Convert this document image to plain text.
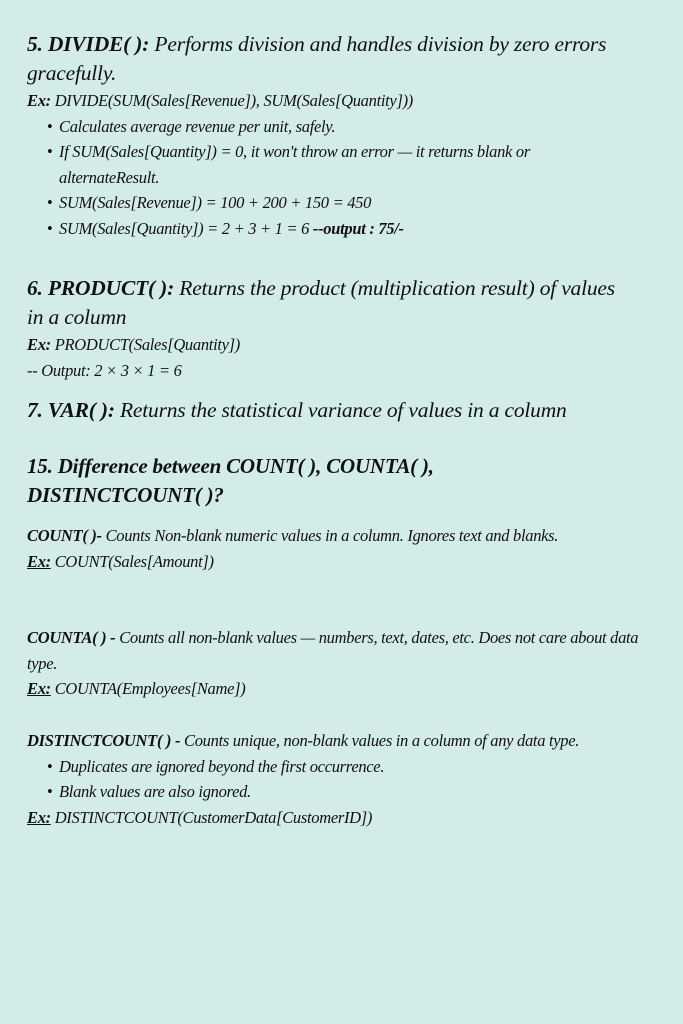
5. DIVIDE( ): Performs division and handles division by zero errors gracefully.
Ex: DIVIDE(SUM(Sales[Revenue]), SUM(Sales[Quantity]))
• Calculates average revenue per unit, safely.
• If SUM(Sales[Quantity]) = 0, it won't throw an error — it returns blank or alternateResult.
• SUM(Sales[Revenue]) = 100 + 200 + 150 = 450
• SUM(Sales[Quantity]) = 2 + 3 + 1 = 6 --output : 75/-
6. PRODUCT( ): Returns the product (multiplication result) of values in a column
Ex: PRODUCT(Sales[Quantity])
-- Output: 2 × 3 × 1 = 6
7. VAR( ): Returns the statistical variance of values in a column
15. Difference between COUNT( ), COUNTA( ), DISTINCTCOUNT( )?
COUNT( )- Counts Non-blank numeric values in a column. Ignores text and blanks.
Ex: COUNT(Sales[Amount])
COUNTA( ) - Counts all non-blank values — numbers, text, dates, etc. Does not care about data type.
Ex: COUNTA(Employees[Name])
DISTINCTCOUNT( ) - Counts unique, non-blank values in a column of any data type.
• Duplicates are ignored beyond the first occurrence.
• Blank values are also ignored.
Ex: DISTINCTCOUNT(CustomerData[CustomerID])
